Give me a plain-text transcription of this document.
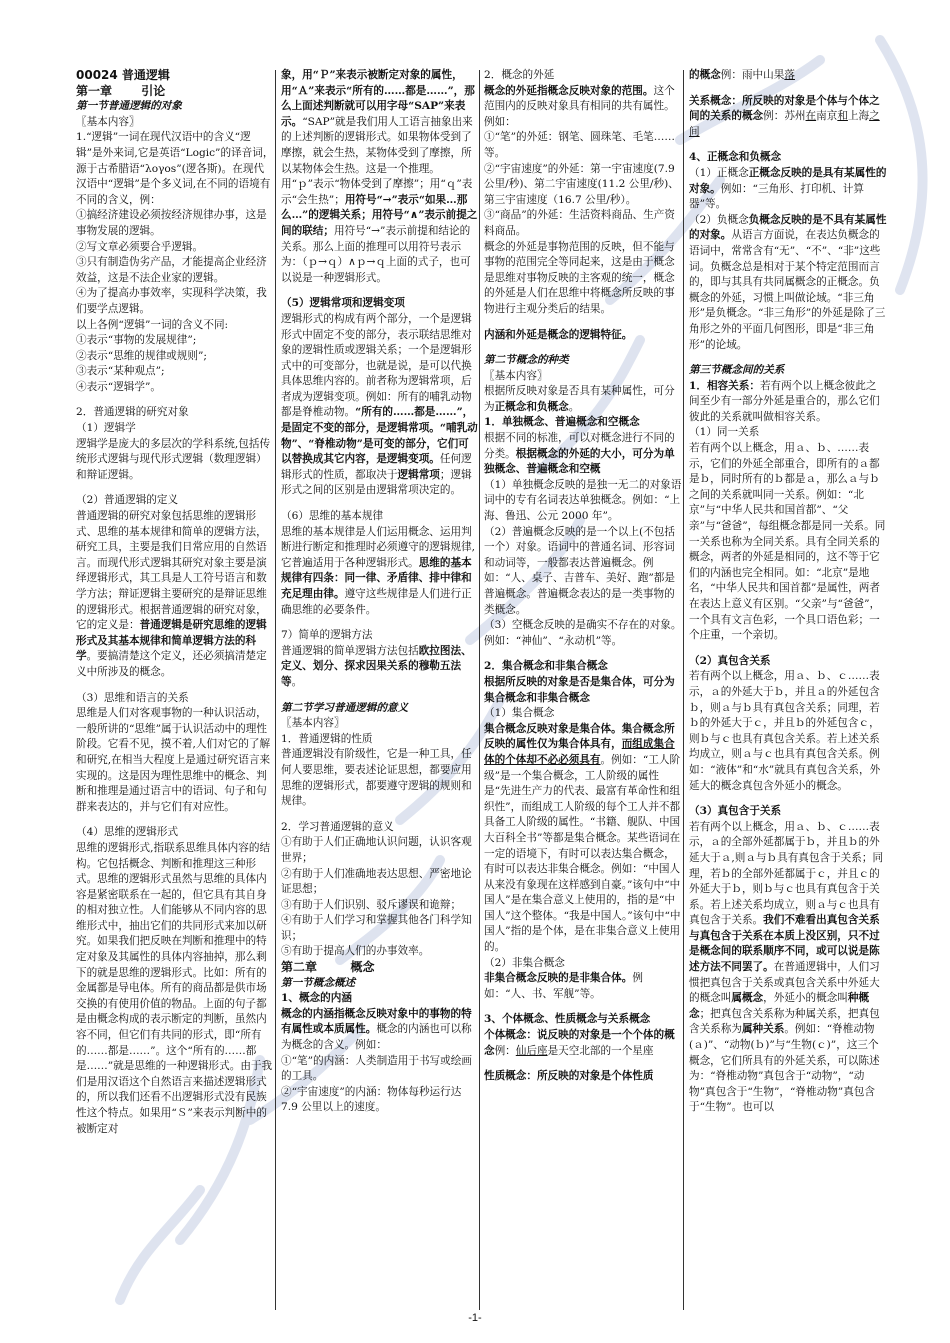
00024 普通逻辑

第一章 引论

第一节普通逻辑的对象

〖基本内容〗

1.“逻辑”一词在现代汉语中的含义“逻辑”是外来词,它是英语“Logic”的译音词，源于古希腊语“λογοs”(逻各斯)。在现代汉语中“逻辑”是个多义词,在不同的语境有不同的含义，例：

①搞经济建设必须按经济规律办事，这是事物发展的逻辑。

②写文章必须要合乎逻辑。

③只有制造伪劣产品，才能提高企业经济效益，这是不法企业家的逻辑。

④为了提高办事效率，实现科学决策，我们要学点逻辑。

以上各例“逻辑”一词的含义不同:

①表示“事物的发展规律”;

②表示“思维的规律或规则”;

③表示“某种观点”;

④表示“逻辑学”。

2．普通逻辑的研究对象

（1）逻辑学

逻辑学是庞大的多层次的学科系统,包括传统形式逻辑与现代形式逻辑（数理逻辑）和辩证逻辑。

（2）普通逻辑的定义

普通逻辑的研究对象包括思维的逻辑形式、思维的基本规律和简单的逻辑方法，研究工具，主要是我们日常应用的自然语言。而现代形式逻辑其研究对象主要是演绎逻辑形式，其工具是人工符号语言和数学方法；辩证逻辑主要研究的是辩证思维的逻辑形式。根据普通逻辑的研究对象，它的定义是：普通逻辑是研究思维的逻辑形式及其基本规律和简单逻辑方法的科学。要搞清楚这个定义，还必须搞清楚定义中所涉及的概念。

（3）思维和语言的关系

思维是人们对客观事物的一种认识活动，一般所讲的“思维”属于认识活动中的理性阶段。它看不见，摸不着,人们对它的了解和研究,在相当大程度上是通过研究语言来实现的。这是因为理性思维中的概念、判断和推理是通过语言中的语词、句子和句群来表达的，并与它们有对应性。

（4）思维的逻辑形式

思维的逻辑形式,指联系思维具体内容的结构。它包括概念、判断和推理这三种形式。思维的逻辑形式虽然与思维的具体内容是紧密联系在一起的，但它具有其自身的相对独立性。人们能够从不同内容的思维形式中，抽出它们的共同形式来加以研究。如果我们把反映在判断和推理中的特定对象及其属性的具体内容抽掉，那么剩下的就是思维的逻辑形式。比如：所有的金属都是导电体。所有的商品都是供市场交换的有使用价值的物品。上面的句子都是由概念构成的表示断定的判断，虽然内容不同，但它们有共同的形式，即“所有的……都是……”。这个“所有的……都是……”就是思维的一种逻辑形式。由于我们是用汉语这个自然语言来描述逻辑形式的，所以我们还看不出逻辑形式没有民族性这个特点。如果用“Ｓ”来表示判断中的被断定对

象，用“Ｐ”来表示被断定对象的属性，用“Ａ”来表示“所有的……都是……”，那么上面述判断就可以用字母“SAP”来表示。“SAP”就是我们用人工语言抽象出来的上述判断的逻辑形式。如果物体受到了摩擦，就会生热，某物体受到了摩擦，所以某物体会生热。这是一个推理。用“ｐ”表示“物体受到了摩擦”；用“ｑ”表示“会生热”；用符号“→”表示“如果…那么…”的逻辑关系；用符号“∧”表示前提之间的联结；用符号“→”表示前提和结论的关系。那么上面的推理可以用符号表示为：（ｐ→ｑ）∧ｐ→ｑ上面的式子，也可以说是一种逻辑形式。

（5）逻辑常项和逻辑变项

逻辑形式的构成有两个部分，一个是逻辑形式中固定不变的部分，表示联结思维对象的逻辑性质或逻辑关系；一个是逻辑形式中的可变部分，也就是说，是可以代换具体思维内容的。前者称为逻辑常项，后者成为逻辑变项。例如：所有的哺乳动物都是脊椎动物。“所有的……都是……”，是固定不变的部分，是逻辑常项。“哺乳动物”、“脊椎动物”是可变的部分，它们可以替换成其它内容，是逻辑变项。任何逻辑形式的性质，都取决于逻辑常项；逻辑形式之间的区别是由逻辑常项决定的。

（6）思维的基本规律

思维的基本规律是人们运用概念、运用判断进行断定和推理时必须遵守的逻辑规律,它普遍适用于各种逻辑形式。思维的基本规律有四条：同一律、矛盾律、排中律和充足理由律。遵守这些规律是人们进行正确思维的必要条件。

7）简单的逻辑方法

普通逻辑的简单逻辑方法包括欧拉图法、定义、划分、探求因果关系的穆勒五法等。

第二节学习普通逻辑的意义

〖基本内容〗

1．普通逻辑的性质

普通逻辑没有阶级性，它是一种工具，任何人要思维，要表述论证思想，都要应用思维的逻辑形式，都要遵守逻辑的规则和规律。

2．学习普通逻辑的意义

①有助于人们正确地认识问题，认识客观世界；

②有助于人们准确地表达思想、严密地论证思想；

③有助于人们识别、驳斥谬误和诡辩；

④有助于人们学习和掌握其他各门科学知识；

⑤有助于提高人们的办事效率。

第二章	概念

第一节概念概述

1、概念的内涵

概念的内涵指概念反映对象中的事物的特有属性或本质属性。概念的内涵也可以称为概念的含义。例如：

①“笔”的内涵：人类制造用于书写或绘画的工具。

②“宇宙速度”的内涵：物体每秒运行达 7.9 公里以上的速度。

2．概念的外延

概念的外延指概念反映对象的范围。这个范围内的反映对象具有相同的共有属性。

例如：

①“笔”的外延：钢笔、圆珠笔、毛笔……等。

②“宇宙速度”的外延：第一宇宙速度(7.9 公里/秒)、第二宇宙速度(11.2 公里/秒)、第三宇宙速度（16.7 公里/秒）。

③“商品”的外延：生活资料商品、生产资料商品。

概念的外延是事物范围的反映，但不能与事物的范围完全等同起来，这是由于概念是思维对事物反映的主客观的统一，概念的外延是人们在思维中将概念所反映的事物进行主观分类后的结果。

内涵和外延是概念的逻辑特征。

第二节概念的种类

〖基本内容〗

根据所反映对象是否具有某种属性，可分为正概念和负概念。

1．单独概念、普遍概念和空概念

根据不同的标准，可以对概念进行不同的分类。根据概念的外延的大小，可分为单独概念、普遍概念和空概

（1）单独概念反映的是独一无二的对象语词中的专有名词表达单独概念。例如：“上海、鲁迅、公元 2000 年”。

（2）普遍概念反映的是一个以上(不包括一个）对象。语词中的普通名词、形容词和动词等，一般都表达普遍概念。例如：“人、桌子、吉普车、美好、跑”都是普遍概念。普遍概念表达的是一类事物的类概念。

（3）空概念反映的是确实不存在的对象。例如：“神仙”、“永动机”等。

2．集合概念和非集合概念

根据所反映的对象是否是集合体，可分为集合概念和非集合概念

（1）集合概念

集合概念反映对象是集合体。集合概念所反映的属性仅为集合体具有，而组成集合体的个体却不必必须具有。例如：“工人阶级”是一个集合概念，工人阶级的属性是“先进生产力的代表、最富有革命性和组织性”，而组成工人阶级的每个工人并不都具备工人阶级的属性。“书籍、舰队、中国大百科全书”等都是集合概念。某些语词在一定的语境下，有时可以表达集合概念，有时可以表达非集合概念。例如：“中国人从来没有象现在这样感到自豪。”该句中“中国人”是在集合意义上使用的，指的是“中国人”这个整体。“我是中国人。”该句中“中国人”指的是个体，是在非集合意义上使用的。

（2）非集合概念

非集合概念反映的是非集合体。例如：“人、书、军舰”等。

3、个体概念、性质概念与关系概念

个体概念：说反映的对象是一个个体的概念例：仙后座是天空北部的一个星座

性质概念：所反映的对象是个体性质

的概念例：雨中山果落

关系概念：所反映的对象是个体与个体之间的关系的概念例：苏州在南京和上海之间

4、正概念和负概念

（1）正概念正概念反映的是具有某属性的对象。例如：“三角形、打印机、计算器”等。

（2）负概念负概念反映的是不具有某属性的对象。从语言方面说，在表达负概念的语词中，常常含有“无”、“不”、“非”这些词。负概念总是相对于某个特定范围而言的，即与其具有共同属概念的正概念。负概念的外延，习惯上叫做论域。“非三角形”是负概念。“非三角形”的外延是除了三角形之外的平面几何图形，即是“非三角形”的论域。

第三节概念间的关系

1．相容关系：若有两个以上概念彼此之间至少有一部分外延是重合的，那么它们彼此的关系就叫做相容关系。

（1）同一关系

若有两个以上概念，用ａ、ｂ、……表示，它们的外延全部重合，即所有的ａ都是ｂ，同时所有的ｂ都是ａ，那么ａ与ｂ之间的关系就叫同一关系。例如：“北京”与“中华人民共和国首都”、“父亲”与“爸爸”，每组概念都是同一关系。同一关系也称为全同关系。具有全同关系的概念，两者的外延是相同的，这不等于它们的内涵也完全相同。如：“北京”是地名，“中华人民共和国首都”是属性，两者在表达上意义有区别。“父亲”与“爸爸”，一个具有文言色彩，一个具口语色彩；一个庄重，一个亲切。

（2）真包含关系

若有两个以上概念，用ａ、ｂ、ｃ……表示，ａ的外延大于ｂ，并且ａ的外延包含ｂ，则ａ与ｂ具有真包含关系；同理，若ｂ的外延大于ｃ，并且ｂ的外延包含ｃ，则ｂ与ｃ也具有真包含关系。若上述关系均成立，则ａ与ｃ也具有真包含关系。例如：“液体”和“水”就具有真包含关系，外延大的概念真包含外延小的概念。

（3）真包含于关系

若有两个以上概念，用ａ、ｂ、ｃ……表示，ａ的全部外延都属于ｂ，并且ｂ的外延大于ａ,则ａ与ｂ具有真包含于关系；同理，若ｂ的全部外延都属于ｃ，并且ｃ的外延大于ｂ，则ｂ与ｃ也具有真包含于关系。若上述关系均成立，则ａ与ｃ也具有真包含于关系。我们不难看出真包含关系与真包含于关系在本质上没区别，只不过是概念间的联系顺序不同，或可以说是陈述方法不同罢了。在普通逻辑中，人们习惯把真包含于关系或真包含关系中外延大的概念叫属概念，外延小的概念叫种概念；把真包含关系称为种属关系，把真包含关系称为属种关系。例如：“脊椎动物(ａ)”、“动物(ｂ)”与“生物(ｃ)”，这三个概念，它们所具有的外延关系，可以陈述为：“脊椎动物”真包含于“动物”，“动物”真包含于“生物”，“脊椎动物”真包含于“生物”。也可以

-1-
